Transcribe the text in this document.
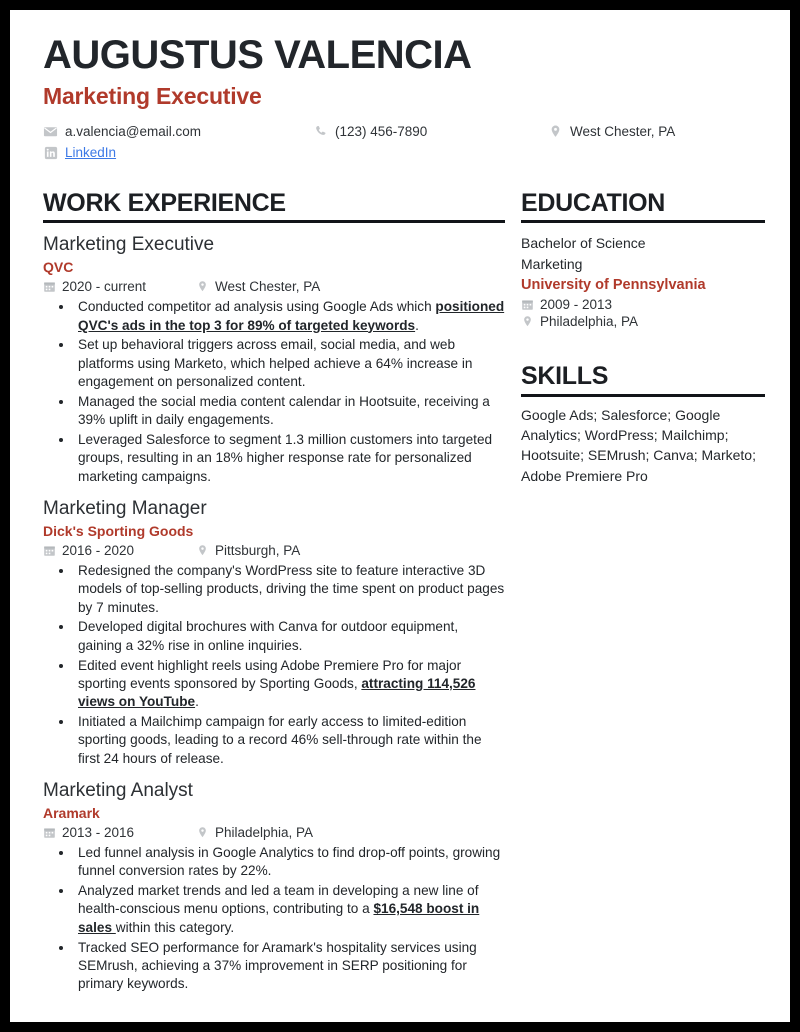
AUGUSTUS VALENCIA
Marketing Executive
a.valencia@email.com	(123) 456-7890	West Chester, PA
LinkedIn
WORK EXPERIENCE
Marketing Executive
QVC
2020 - current	West Chester, PA
• Conducted competitor ad analysis using Google Ads which positioned QVC's ads in the top 3 for 89% of targeted keywords.
• Set up behavioral triggers across email, social media, and web platforms using Marketo, which helped achieve a 64% increase in engagement on personalized content.
• Managed the social media content calendar in Hootsuite, receiving a 39% uplift in daily engagements.
• Leveraged Salesforce to segment 1.3 million customers into targeted groups, resulting in an 18% higher response rate for personalized marketing campaigns.
Marketing Manager
Dick's Sporting Goods
2016 - 2020	Pittsburgh, PA
• Redesigned the company's WordPress site to feature interactive 3D models of top-selling products, driving the time spent on product pages by 7 minutes.
• Developed digital brochures with Canva for outdoor equipment, gaining a 32% rise in online inquiries.
• Edited event highlight reels using Adobe Premiere Pro for major sporting events sponsored by Sporting Goods, attracting 114,526 views on YouTube.
• Initiated a Mailchimp campaign for early access to limited-edition sporting goods, leading to a record 46% sell-through rate within the first 24 hours of release.
Marketing Analyst
Aramark
2013 - 2016	Philadelphia, PA
• Led funnel analysis in Google Analytics to find drop-off points, growing funnel conversion rates by 22%.
• Analyzed market trends and led a team in developing a new line of health-conscious menu options, contributing to a $16,548 boost in sales within this category.
• Tracked SEO performance for Aramark's hospitality services using SEMrush, achieving a 37% improvement in SERP positioning for primary keywords.
EDUCATION
Bachelor of Science
Marketing
University of Pennsylvania
2009 - 2013
Philadelphia, PA
SKILLS
Google Ads; Salesforce; Google Analytics; WordPress; Mailchimp; Hootsuite; SEMrush; Canva; Marketo; Adobe Premiere Pro
